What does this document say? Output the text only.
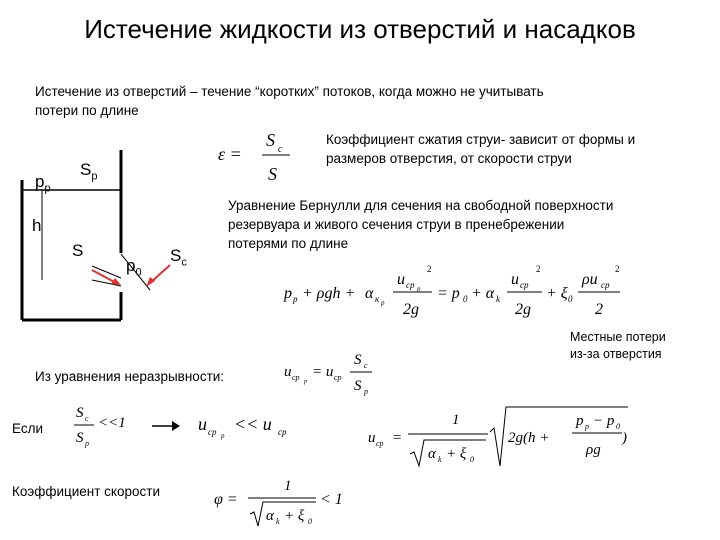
Истечение жидкости из отверстий и насадков
Истечение из отверстий – течение “коротких” потоков, когда можно не учитывать
потери по длине
Коэффициент сжатия струи- зависит от формы и
размеров отверстия, от скорости струи
Уравнение Бернулли для сечения на свободной поверхности
резервуара и живого сечения струи в пренебрежении
потерями по длине
Местные потери
из-за отверстия
Из уравнения неразрывности:
Если
Коэффициент скорости
$p_р$
$S_р$
h
S
$p_0$
$S_c$
ε =
S c
S
p p + ρgh + α к р
u ср р
2
2g
= p 0 + α k
u ср
2
2g
+ ξ 0
ρu ср
2
2
u ср р
= u ср
S c
S p
S c
S p
<<1	u ср p
<< u ср	u ср =
1
α k + ξ 0
2g(h +
p p − p 0
ρg
)
φ =
1
α k + ξ 0
< 1
